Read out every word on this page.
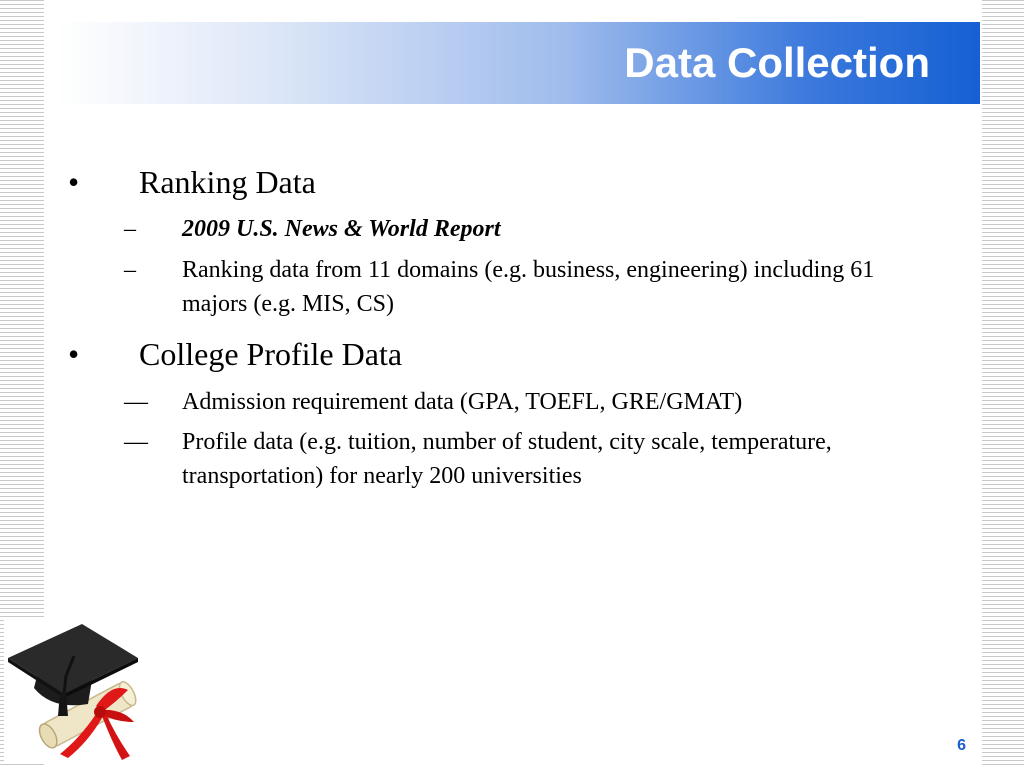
Data Collection
• Ranking Data
– 2009 U.S. News & World Report
– Ranking data from 11 domains (e.g. business, engineering) including 61 majors (e.g. MIS, CS)
• College Profile Data
― Admission requirement data (GPA, TOEFL, GRE/GMAT)
― Profile data (e.g. tuition, number of student, city scale, temperature, transportation) for nearly 200 universities
6
